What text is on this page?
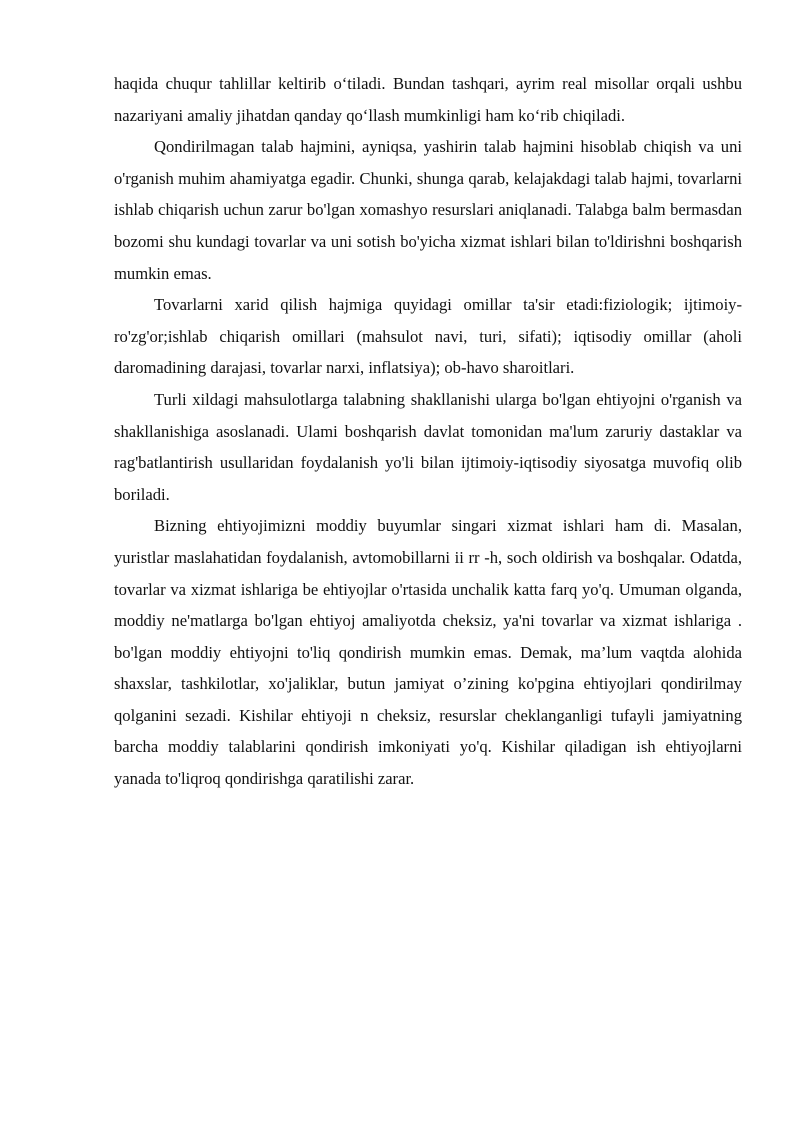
haqida chuqur tahlillar keltirib o‘tiladi. Bundan tashqari, ayrim real misollar orqali ushbu nazariyani amaliy jihatdan qanday qo‘llash mumkinligi ham ko‘rib chiqiladi.

Qondirilmagan talab hajmini, ayniqsa, yashirin talab hajmini hisoblab chiqish va uni o'rganish muhim ahamiyatga egadir. Chunki, shunga qarab, kelajakdagi talab hajmi, tovarlarni ishlab chiqarish uchun zarur bo'lgan xomashyo resurslari aniqlanadi. Talabga balm bermasdan bozomi shu kundagi tovarlar va uni sotish bo'yicha xizmat ishlari bilan to'ldirishni boshqarish mumkin emas.

Tovarlarni xarid qilish hajmiga quyidagi omillar ta'sir etadi:fiziologik; ijtimoiy-ro'zg'or;ishlab chiqarish omillari (mahsulot navi, turi, sifati); iqtisodiy omillar (aholi daromadining darajasi, tovarlar narxi, inflatsiya); ob-havo sharoitlari.

Turli xildagi mahsulotlarga talabning shakllanishi ularga bo'lgan ehtiyojni o'rganish va shakllanishiga asoslanadi. Ulami boshqarish davlat tomonidan ma'lum zaruriy dastaklar va rag'batlantirish usullaridan foydalanish yo'li bilan ijtimoiy-iqtisodiy siyosatga muvofiq olib boriladi.

Bizning ehtiyojimizni moddiy buyumlar singari xizmat ishlari ham di. Masalan, yuristlar maslahatidan foydalanish, avtomobillarni ii rr -h, soch oldirish va boshqalar. Odatda, tovarlar va xizmat ishlariga be ehtiyojlar o'rtasida unchalik katta farq yo'q. Umuman olganda, moddiy ne'matlarga bo'lgan ehtiyoj amaliyotda cheksiz, ya'ni tovarlar va xizmat ishlariga . bo'lgan moddiy ehtiyojni to'liq qondirish mumkin emas. Demak, ma’lum vaqtda alohida shaxslar, tashkilotlar, xo'jaliklar, butun jamiyat o’zining ko'pgina ehtiyojlari qondirilmay qolganini sezadi. Kishilar ehtiyoji n cheksiz, resurslar cheklanganligi tufayli jamiyatning barcha moddiy talablarini qondirish imkoniyati yo'q. Kishilar qiladigan ish ehtiyojlarni yanada to'liqroq qondirishga qaratilishi zarar.
